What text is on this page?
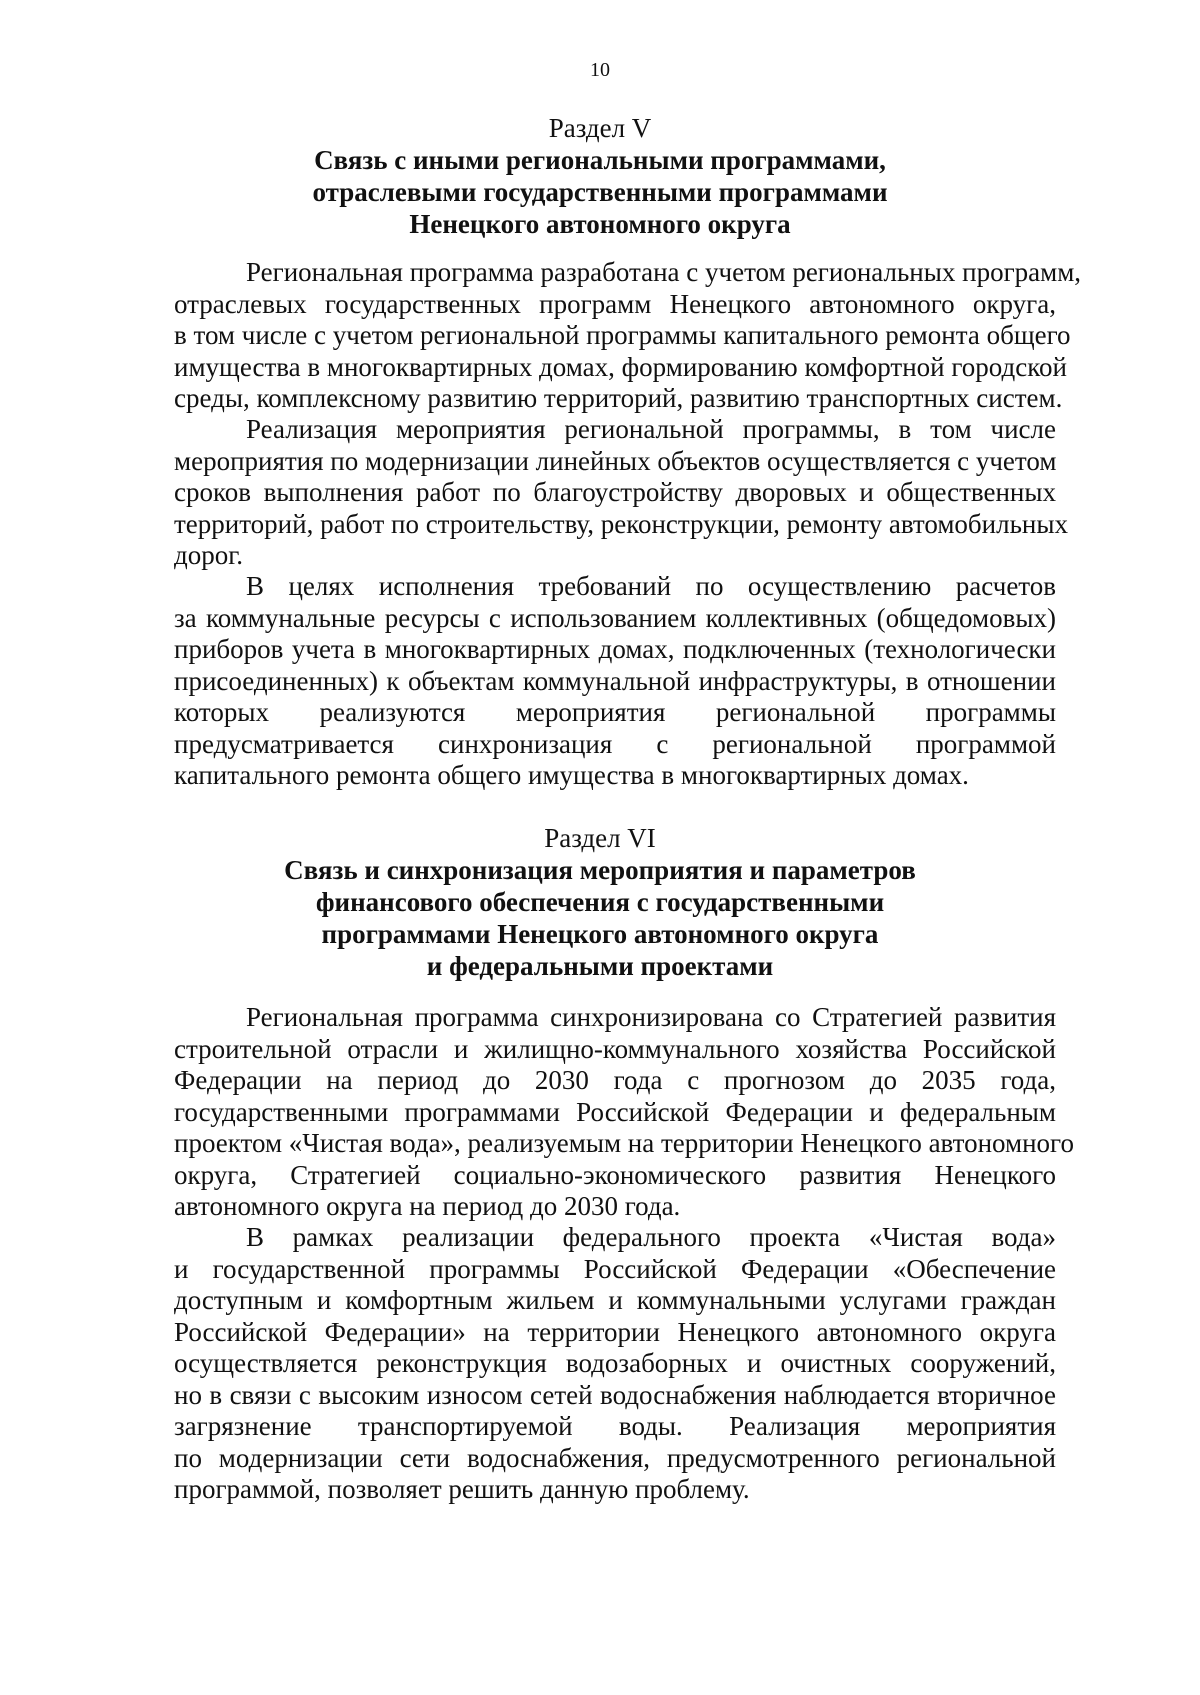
10
Раздел V
Связь с иными региональными программами,
отраслевыми государственными программами
Ненецкого автономного округа
Региональная программа разработана с учетом региональных программ,
отраслевых государственных программ Ненецкого автономного округа,
в том числе с учетом региональной программы капитального ремонта общего
имущества в многоквартирных домах, формированию комфортной городской
среды, комплексному развитию территорий, развитию транспортных систем.
Реализация мероприятия региональной программы, в том числе
мероприятия по модернизации линейных объектов осуществляется с учетом
сроков выполнения работ по благоустройству дворовых и общественных
территорий, работ по строительству, реконструкции, ремонту автомобильных
дорог.
В целях исполнения требований по осуществлению расчетов
за коммунальные ресурсы с использованием коллективных (общедомовых)
приборов учета в многоквартирных домах, подключенных (технологически
присоединенных) к объектам коммунальной инфраструктуры, в отношении
которых реализуются мероприятия региональной программы
предусматривается синхронизация с региональной программой
капитального ремонта общего имущества в многоквартирных домах.
Раздел VI
Связь и синхронизация мероприятия и параметров
финансового обеспечения с государственными
программами Ненецкого автономного округа
и федеральными проектами
Региональная программа синхронизирована со Стратегией развития
строительной отрасли и жилищно-коммунального хозяйства Российской
Федерации на период до 2030 года с прогнозом до 2035 года,
государственными программами Российской Федерации и федеральным
проектом «Чистая вода», реализуемым на территории Ненецкого автономного
округа, Стратегией социально-экономического развития Ненецкого
автономного округа на период до 2030 года.
В рамках реализации федерального проекта «Чистая вода»
и государственной программы Российской Федерации «Обеспечение
доступным и комфортным жильем и коммунальными услугами граждан
Российской Федерации» на территории Ненецкого автономного округа
осуществляется реконструкция водозаборных и очистных сооружений,
но в связи с высоким износом сетей водоснабжения наблюдается вторичное
загрязнение транспортируемой воды. Реализация мероприятия
по модернизации сети водоснабжения, предусмотренного региональной
программой, позволяет решить данную проблему.
